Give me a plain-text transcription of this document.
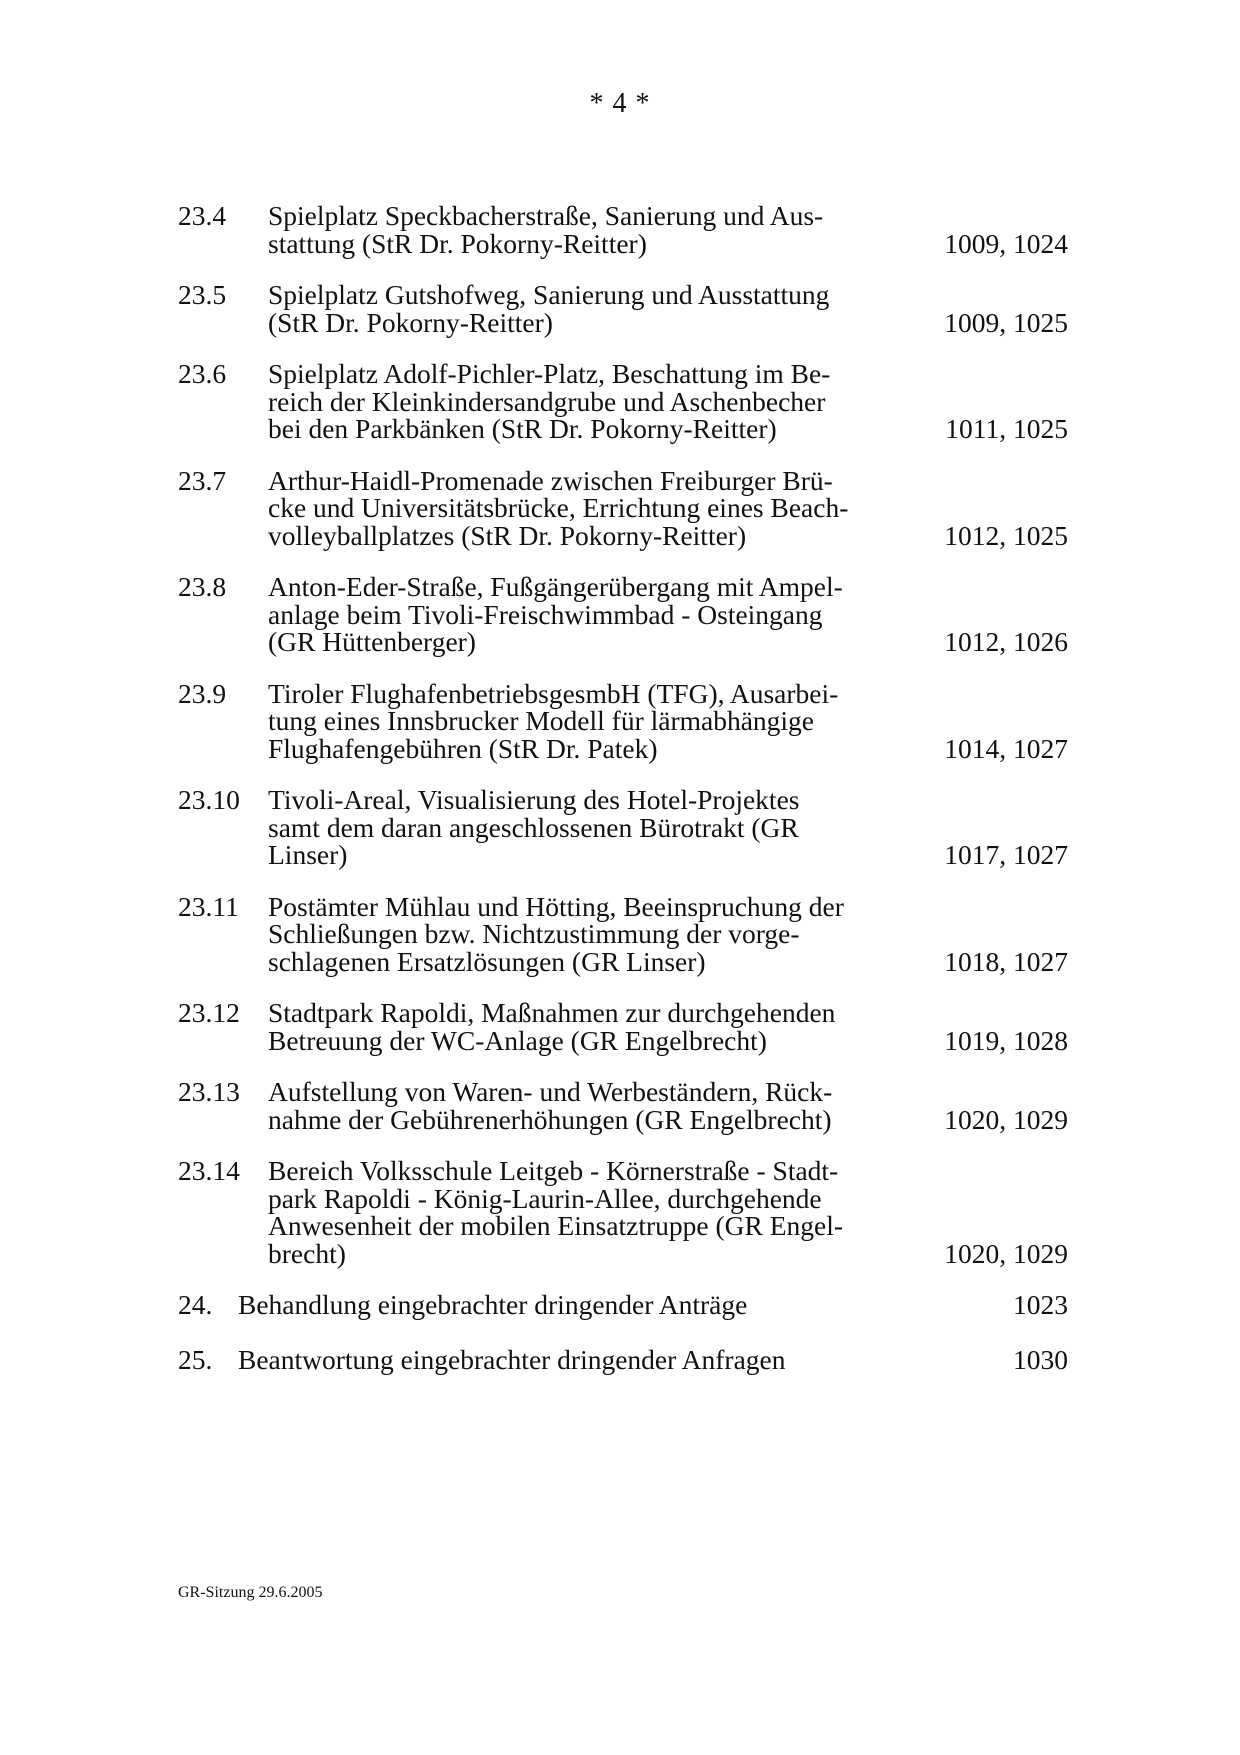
* 4 *
23.4	Spielplatz Speckbacherstraße, Sanierung und Aus-
stattung (StR Dr. Pokorny-Reitter)	1009, 1024
23.5	Spielplatz Gutshofweg, Sanierung und Ausstattung
(StR Dr. Pokorny-Reitter)	1009, 1025
23.6	Spielplatz Adolf-Pichler-Platz, Beschattung im Be-
reich der Kleinkindersandgrube und Aschenbecher
bei den Parkbänken (StR Dr. Pokorny-Reitter)	1011, 1025
23.7	Arthur-Haidl-Promenade zwischen Freiburger Brü-
cke und Universitätsbrücke, Errichtung eines Beach-
volleyballplatzes (StR Dr. Pokorny-Reitter)	1012, 1025
23.8	Anton-Eder-Straße, Fußgängerübergang mit Ampel-
anlage beim Tivoli-Freischwimmbad - Osteingang
(GR Hüttenberger)	1012, 1026
23.9	Tiroler FlughafenbetriebsgesmbH (TFG), Ausarbei-
tung eines Innsbrucker Modell für lärmabhängige
Flughafengebühren (StR Dr. Patek)	1014, 1027
23.10	Tivoli-Areal, Visualisierung des Hotel-Projektes
samt dem daran angeschlossenen Bürotrakt (GR
Linser)	1017, 1027
23.11	Postämter Mühlau und Hötting, Beeinspruchung der
Schließungen bzw. Nichtzustimmung der vorge-
schlagenen Ersatzlösungen (GR Linser)	1018, 1027
23.12	Stadtpark Rapoldi, Maßnahmen zur durchgehenden
Betreuung der WC-Anlage (GR Engelbrecht)	1019, 1028
23.13	Aufstellung von Waren- und Werbeständern, Rück-
nahme der Gebührenerhöhungen (GR Engelbrecht)	1020, 1029
23.14	Bereich Volksschule Leitgeb - Körnerstraße - Stadt-
park Rapoldi - König-Laurin-Allee, durchgehende
Anwesenheit der mobilen Einsatztruppe (GR Engel-
brecht)	1020, 1029
24. Behandlung eingebrachter dringender Anträge	1023
25. Beantwortung eingebrachter dringender Anfragen	1030
GR-Sitzung 29.6.2005
